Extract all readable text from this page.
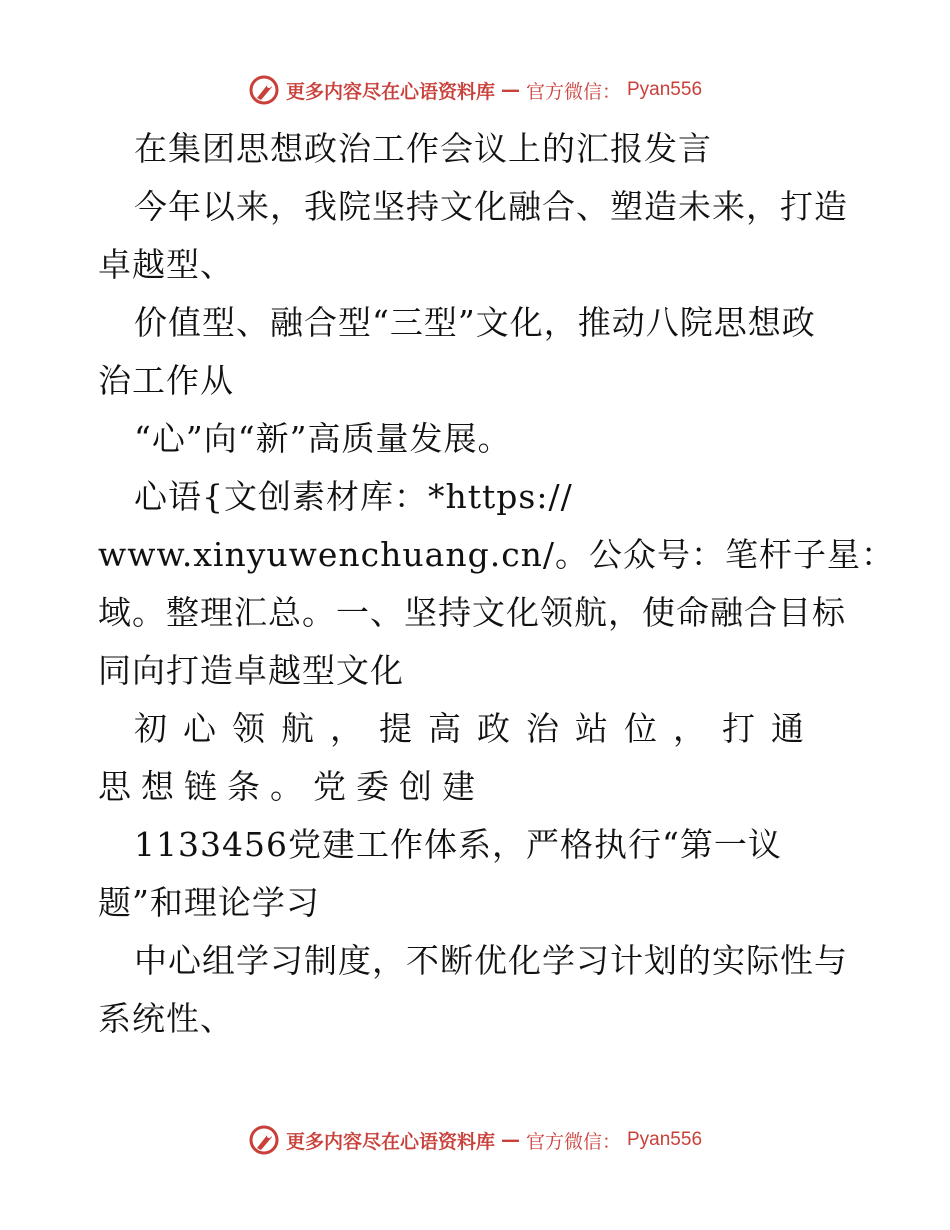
更多内容尽在心语资料库 — 官方微信： Pyan556
在集团思想政治工作会议上的汇报发言
今年以来，我院坚持文化融合、塑造未来，打造
卓越型、
价值型、融合型“三型”文化，推动八院思想政
治工作从
“心”向“新”高质量发展。
心语{文创素材库：*https://
www.xinyuwenchuang.cn/。公众号：笔杆子星：
域。整理汇总。一、坚持文化领航，使命融合目标
同向打造卓越型文化
初心领航，提高政治站位，打通
思想链条。党委创建
1133456党建工作体系，严格执行“第一议
题”和理论学习
中心组学习制度，不断优化学习计划的实际性与
系统性、
更多内容尽在心语资料库 — 官方微信： Pyan556
